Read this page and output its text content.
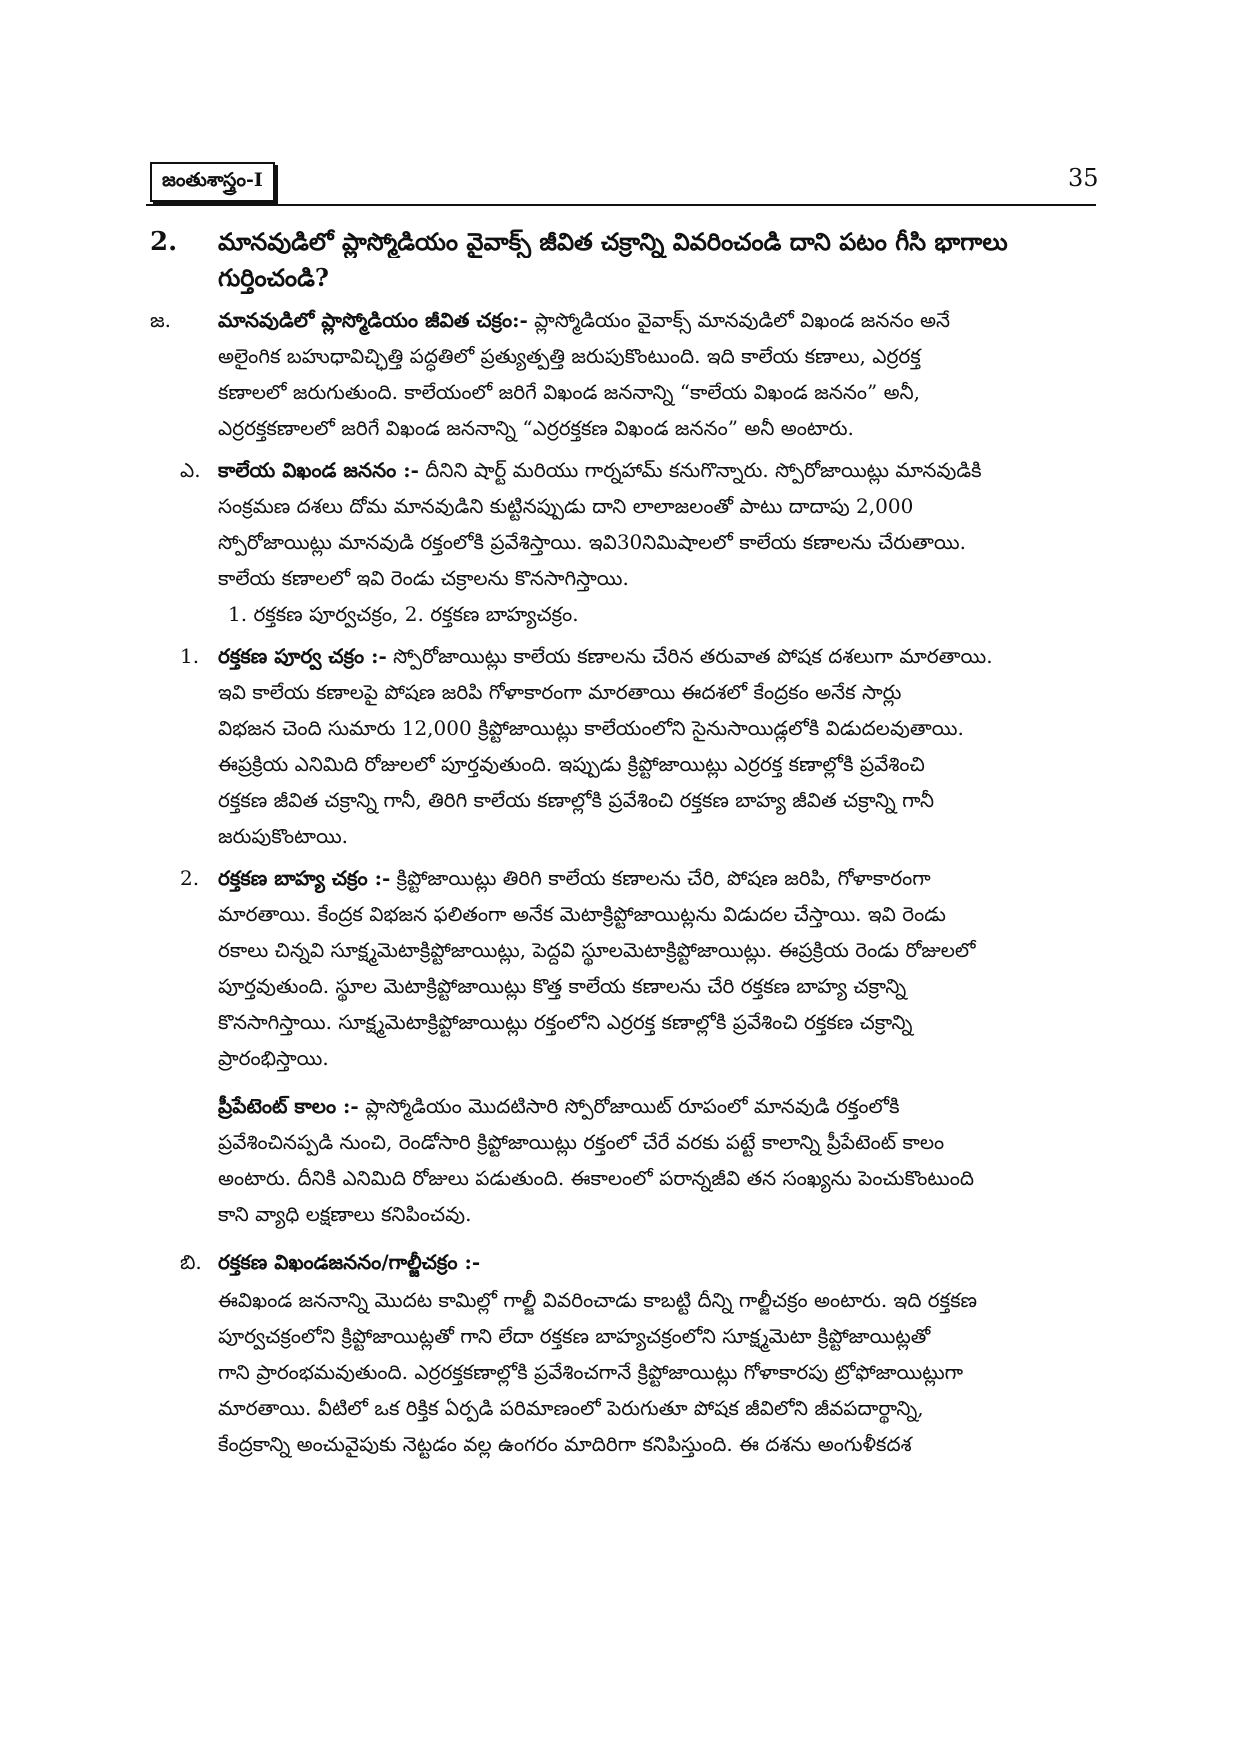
జంతుశాస్త్రం-I	35
2. మానవుడిలో ప్లాస్మోడియం వైవాక్స్ జీవిత చక్రాన్ని వివరించండి దాని పటం గీసి భాగాలు
గుర్తించండి?
జ. మానవుడిలో ప్లాస్మోడియం జీవిత చక్రం:- ప్లాస్మోడియం వైవాక్స్ మానవుడిలో విఖండ జననం అనే
అలైంగిక బహుధావిచ్ఛిత్తి పద్ధతిలో ప్రత్యుత్పత్తి జరుపుకొంటుంది. ఇది కాలేయ కణాలు, ఎర్రరక్త
కణాలలో జరుగుతుంది. కాలేయంలో జరిగే విఖండ జననాన్ని “కాలేయ విఖండ జననం” అనీ,
ఎర్రరక్తకణాలలో జరిగే విఖండ జననాన్ని “ఎర్రరక్తకణ విఖండ జననం” అనీ అంటారు.
ఎ. కాలేయ విఖండ జననం :- దీనిని షార్ట్ మరియు గార్నహామ్ కనుగొన్నారు. స్పోరోజాయిట్లు మానవుడికి
సంక్రమణ దశలు దోమ మానవుడిని కుట్టినప్పుడు దాని లాలాజలంతో పాటు దాదాపు 2,000
స్పోరోజాయిట్లు మానవుడి రక్తంలోకి ప్రవేశిస్తాయి. ఇవి30నిమిషాలలో కాలేయ కణాలను చేరుతాయి.
కాలేయ కణాలలో ఇవి రెండు చక్రాలను కొనసాగిస్తాయి.
1. రక్తకణ పూర్వచక్రం, 2. రక్తకణ బాహ్యచక్రం.
1. రక్తకణ పూర్వ చక్రం :- స్పోరోజాయిట్లు కాలేయ కణాలను చేరిన తరువాత పోషక దశలుగా మారతాయి.
ఇవి కాలేయ కణాలపై పోషణ జరిపి గోళాకారంగా మారతాయి ఈదశలో కేంద్రకం అనేక సార్లు
విభజన చెంది సుమారు 12,000 క్రిప్టోజాయిట్లు కాలేయంలోని సైనుసాయిడ్లలోకి విడుదలవుతాయి.
ఈప్రక్రియ ఎనిమిది రోజులలో పూర్తవుతుంది. ఇప్పుడు క్రిప్టోజాయిట్లు ఎర్రరక్త కణాల్లోకి ప్రవేశించి
రక్తకణ జీవిత చక్రాన్ని గానీ, తిరిగి కాలేయ కణాల్లోకి ప్రవేశించి రక్తకణ బాహ్య జీవిత చక్రాన్ని గానీ
జరుపుకొంటాయి.
2. రక్తకణ బాహ్య చక్రం :- క్రిప్టోజాయిట్లు తిరిగి కాలేయ కణాలను చేరి, పోషణ జరిపి, గోళాకారంగా
మారతాయి. కేంద్రక విభజన ఫలితంగా అనేక మెటాక్రిప్టోజాయిట్లను విడుదల చేస్తాయి. ఇవి రెండు
రకాలు చిన్నవి సూక్ష్మమెటాక్రిప్టోజాయిట్లు, పెద్దవి స్థూలమెటాక్రిప్టోజాయిట్లు. ఈప్రక్రియ రెండు రోజులలో
పూర్తవుతుంది. స్థూల మెటాక్రిప్టోజాయిట్లు కొత్త కాలేయ కణాలను చేరి రక్తకణ బాహ్య చక్రాన్ని
కొనసాగిస్తాయి. సూక్ష్మమెటాక్రిప్టోజాయిట్లు రక్తంలోని ఎర్రరక్త కణాల్లోకి ప్రవేశించి రక్తకణ చక్రాన్ని
ప్రారంభిస్తాయి.
ప్రీపేటెంట్ కాలం :- ప్లాస్మోడియం మొదటిసారి స్పోరోజాయిట్ రూపంలో మానవుడి రక్తంలోకి
ప్రవేశించినప్పడి నుంచి, రెండోసారి క్రిప్టోజాయిట్లు రక్తంలో చేరే వరకు పట్టే కాలాన్ని ప్రీపేటెంట్ కాలం
అంటారు. దీనికి ఎనిమిది రోజులు పడుతుంది. ఈకాలంలో పరాన్నజీవి తన సంఖ్యను పెంచుకొంటుంది
కాని వ్యాధి లక్షణాలు కనిపించవు.
బి. రక్తకణ విఖండజననం/గాల్జీచక్రం :-
ఈవిఖండ జననాన్ని మొదట కామిల్లో గాల్జీ వివరించాడు కాబట్టి దీన్ని గాల్జీచక్రం అంటారు. ఇది రక్తకణ
పూర్వచక్రంలోని క్రిప్టోజాయిట్లతో గాని లేదా రక్తకణ బాహ్యచక్రంలోని సూక్ష్మమెటా క్రిప్టోజాయిట్లతో
గాని ప్రారంభమవుతుంది. ఎర్రరక్తకణాల్లోకి ప్రవేశించగానే క్రిప్టోజాయిట్లు గోళాకారపు ట్రోఫోజాయిట్లుగా
మారతాయి. వీటిలో ఒక రిక్తిక ఏర్పడి పరిమాణంలో పెరుగుతూ పోషక జీవిలోని జీవపదార్థాన్ని,
కేంద్రకాన్ని అంచువైపుకు నెట్టడం వల్ల ఉంగరం మాదిరిగా కనిపిస్తుంది. ఈ దశను అంగుళీకదశ
